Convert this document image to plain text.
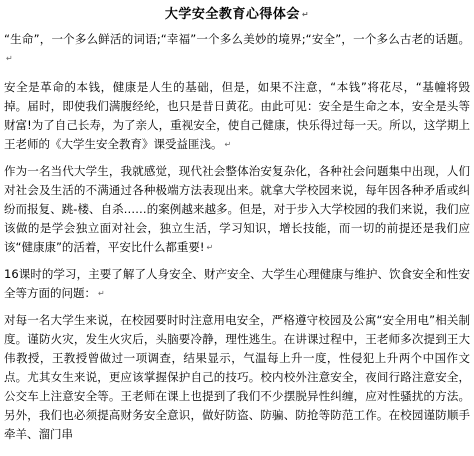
大学安全教育心得体会 ↵

“生命”，一个多么鲜活的词语;“幸福”一个多么美妙的境界;“安全”，一个多么古老的话题。↵

安全是革命的本钱，健康是人生的基础，但是，如果不注意，“本钱”将花尽，“基幢将毁掉。届时，即使我们满腹经纶，也只是昔日黄花。由此可见：安全是生命之本，安全是头等财富!为了自己长寿，为了亲人，重视安全，使自己健康，快乐得过每一天。所以，这学期上王老师的《大学生安全教育》课受益匪浅。 ↵

作为一名当代大学生，我就感觉，现代社会整体治安复杂化，各种社会问题集中出现，人们对社会及生活的不满通过各种极端方法表现出来。就拿大学校园来说，每年因各种矛盾或纠纷而报复、跳-楼、自杀……的案例越来越多。但是，对于步入大学校园的我们来说，我们应该做的是学会独立面对社会，独立生活，学习知识，增长技能，而一切的前提还是我们应该“健康康”的活着，平安比什么都重要! ↵

16课时的学习，主要了解了人身安全、财产安全、大学生心理健康与维护、饮食安全和性安全等方面的问题： ↵

对每一名大学生来说，在校园要时时注意用电安全，严格遵守校园及公寓“安全用电”相关制度。谨防火灾，发生火灾后，头脑要冷静，理性逃生。在讲课过程中，王老师多次提到王大伟教授，王教授曾做过一项调查，结果显示，气温每上升一度，性侵犯上升两个中国作文点。尤其女生来说，更应该掌握保护自己的技巧。校内校外注意安全，夜间行路注意安全，公交车上注意安全等。王老师在课上也提到了我们不少摆脱异性纠缠，应对性骚扰的方法。另外，我们也必须提高财务安全意识，做好防盗、防骗、防抢等防范工作。在校园谨防顺手牵羊、溜门串
